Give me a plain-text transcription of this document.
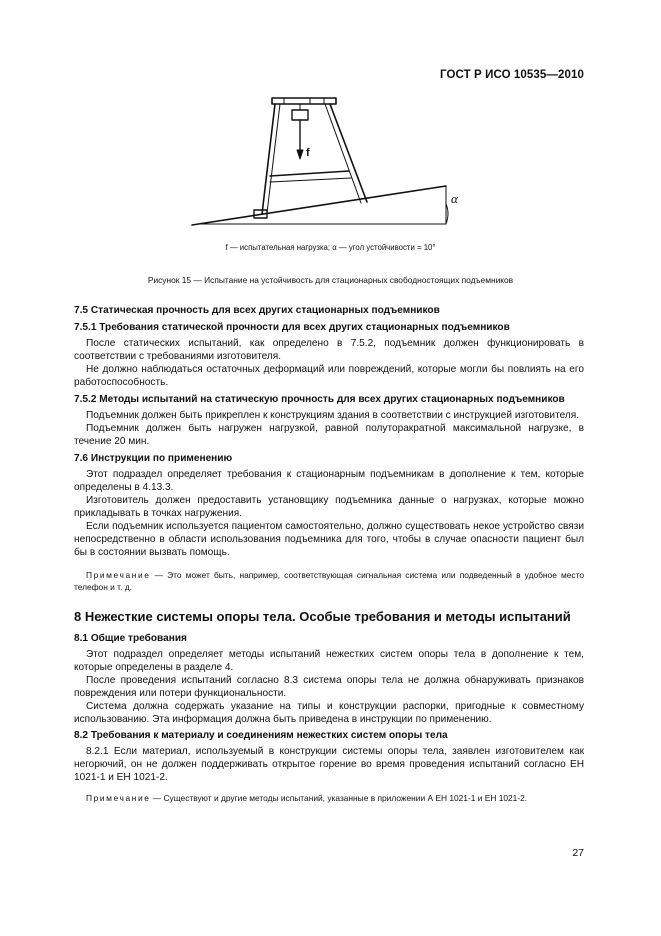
ГОСТ Р ИСО 10535—2010
f
α
f — испытательная нагрузка; α — угол устойчивости = 10°
Рисунок 15 — Испытание на устойчивость для стационарных свободностоящих подъемников
7.5 Статическая прочность для всех других стационарных подъемников
7.5.1 Требования статической прочности для всех других стационарных подъемников

После статических испытаний, как определено в 7.5.2, подъемник должен функционировать в соответствии с требованиями изготовителя.

Не должно наблюдаться остаточных деформаций или повреждений, которые могли бы повлиять на его работоспособность.

7.5.2 Методы испытаний на статическую прочность для всех других стационарных подъемников

Подъемник должен быть прикреплен к конструкциям здания в соответствии с инструкцией изготовителя.

Подъемник должен быть нагружен нагрузкой, равной полуторакратной максимальной нагрузке, в течение 20 мин.

7.6 Инструкции по применению

Этот подраздел определяет требования к стационарным подъемникам в дополнение к тем, которые определены в 4.13.3.

Изготовитель должен предоставить установщику подъемника данные о нагрузках, которые можно прикладывать в точках нагружения.

Если подъемник используется пациентом самостоятельно, должно существовать некое устройство связи непосредственно в области использования подъемника для того, чтобы в случае опасности пациент был бы в состоянии вызвать помощь.

Примечание — Это может быть, например, соответствующая сигнальная система или подведенный в удобное место телефон и т. д.
8 Нежесткие системы опоры тела. Особые требования и методы испытаний
8.1 Общие требования

Этот подраздел определяет методы испытаний нежестких систем опоры тела в дополнение к тем, которые определены в разделе 4.

После проведения испытаний согласно 8.3 система опоры тела не должна обнаруживать признаков повреждения или потери функциональности.

Система должна содержать указание на типы и конструкции распорки, пригодные к совместному использованию. Эта информация должна быть приведена в инструкции по применению.

8.2 Требования к материалу и соединениям нежестких систем опоры тела

8.2.1 Если материал, используемый в конструкции системы опоры тела, заявлен изготовителем как негорючий, он не должен поддерживать открытое горение во время проведения испытаний согласно ЕН 1021-1 и ЕН 1021-2.

Примечание — Существуют и другие методы испытаний, указанные в приложении А ЕН 1021-1 и ЕН 1021-2.
27
